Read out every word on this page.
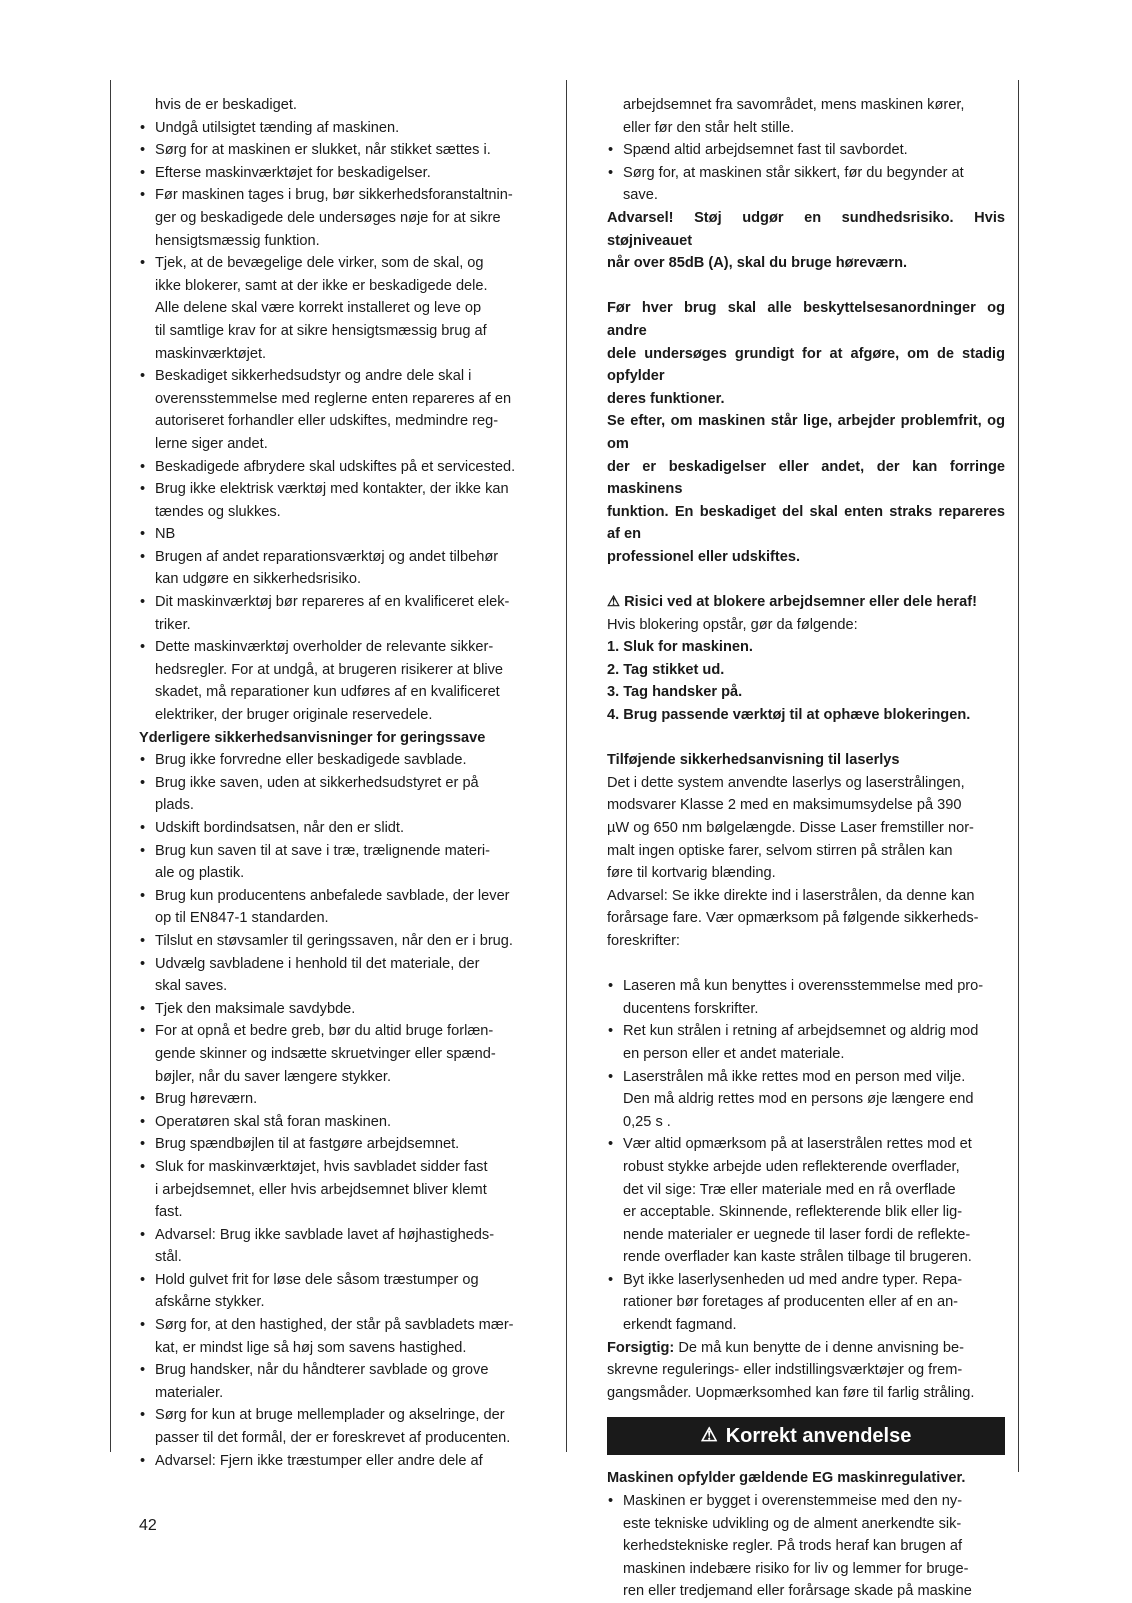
hvis de er beskadiget.
• Undgå utilsigtet tænding af maskinen.
• Sørg for at maskinen er slukket, når stikket sættes i.
• Efterse maskinværktøjet for beskadigelser.
• Før maskinen tages i brug, bør sikkerhedsforanstaltnin-
ger og beskadigede dele undersøges nøje for at sikre
hensigtsmæssig funktion.
• Tjek, at de bevægelige dele virker, som de skal, og
ikke blokerer, samt at der ikke er beskadigede dele.
Alle delene skal være korrekt installeret og leve op
til samtlige krav for at sikre hensigtsmæssig brug af
maskinværktøjet.
• Beskadiget sikkerhedsudstyr og andre dele skal i
overensstemmelse med reglerne enten repareres af en
autoriseret forhandler eller udskiftes, medmindre reg-
lerne siger andet.
• Beskadigede afbrydere skal udskiftes på et servicested.
• Brug ikke elektrisk værktøj med kontakter, der ikke kan
tændes og slukkes.
• NB
• Brugen af andet reparationsværktøj og andet tilbehør
kan udgøre en sikkerhedsrisiko.
• Dit maskinværktøj bør repareres af en kvalificeret elek-
triker.
• Dette maskinværktøj overholder de relevante sikker-
hedsregler. For at undgå, at brugeren risikerer at blive
skadet, må reparationer kun udføres af en kvalificeret
elektriker, der bruger originale reservedele.
Yderligere sikkerhedsanvisninger for geringssave
• Brug ikke forvredne eller beskadigede savblade.
• Brug ikke saven, uden at sikkerhedsudstyret er på
plads.
• Udskift bordindsatsen, når den er slidt.
• Brug kun saven til at save i træ, trælignende materi-
ale og plastik.
• Brug kun producentens anbefalede savblade, der lever
op til EN847-1 standarden.
• Tilslut en støvsamler til geringssaven, når den er i brug.
• Udvælg savbladene i henhold til det materiale, der
skal saves.
• Tjek den maksimale savdybde.
• For at opnå et bedre greb, bør du altid bruge forlæn-
gende skinner og indsætte skruetvinger eller spænd-
bøjler, når du saver længere stykker.
• Brug høreværn.
• Operatøren skal stå foran maskinen.
• Brug spændbøjlen til at fastgøre arbejdsemnet.
• Sluk for maskinværktøjet, hvis savbladet sidder fast
i arbejdsemnet, eller hvis arbejdsemnet bliver klemt
fast.
• Advarsel: Brug ikke savblade lavet af højhastigheds-
stål.
• Hold gulvet frit for løse dele såsom træstumper og
afskårne stykker.
• Sørg for, at den hastighed, der står på savbladets mær-
kat, er mindst lige så høj som savens hastighed.
• Brug handsker, når du håndterer savblade og grove
materialer.
• Sørg for kun at bruge mellemplader og akselringe, der
passer til det formål, der er foreskrevet af producenten.
• Advarsel: Fjern ikke træstumper eller andre dele af
arbejdsemnet fra savområdet, mens maskinen kører,
eller før den står helt stille.
• Spænd altid arbejdsemnet fast til savbordet.
• Sørg for, at maskinen står sikkert, før du begynder at
save.
Advarsel! Støj udgør en sundhedsrisiko. Hvis støjniveauet
når over 85dB (A), skal du bruge høreværn.
Før hver brug skal alle beskyttelsesanordninger og andre
dele undersøges grundigt for at afgøre, om de stadig opfylder
deres funktioner.
Se efter, om maskinen står lige, arbejder problemfrit, og om
der er beskadigelser eller andet, der kan forringe maskinens
funktion. En beskadiget del skal enten straks repareres af en
professionel eller udskiftes.
⚠ Risici ved at blokere arbejdsemner eller dele heraf!
Hvis blokering opstår, gør da følgende:
1. Sluk for maskinen.
2. Tag stikket ud.
3. Tag handsker på.
4. Brug passende værktøj til at ophæve blokeringen.
Tilføjende sikkerhedsanvisning til laserlys
Det i dette system anvendte laserlys og laserstrålingen,
modsvarer Klasse 2 med en maksimumsydelse på 390
µW og 650 nm bølgelængde. Disse Laser fremstiller nor-
malt ingen optiske farer, selvom stirren på strålen kan
føre til kortvarig blænding.
Advarsel: Se ikke direkte ind i laserstrålen, da denne kan
forårsage fare. Vær opmærksom på følgende sikkerheds-
foreskrifter:
• Laseren må kun benyttes i overensstemmelse med pro-
ducentens forskrifter.
• Ret kun strålen i retning af arbejdsemnet og aldrig mod
en person eller et andet materiale.
• Laserstrålen må ikke rettes mod en person med vilje.
Den må aldrig rettes mod en persons øje længere end
0,25 s .
• Vær altid opmærksom på at laserstrålen rettes mod et
robust stykke arbejde uden reflekterende overflader,
det vil sige: Træ eller materiale med en rå overflade
er acceptable. Skinnende, reflekterende blik eller lig-
nende materialer er uegnede til laser fordi de reflekte-
rende overflader kan kaste strålen tilbage til brugeren.
• Byt ikke laserlysenheden ud med andre typer. Repa-
rationer bør foretages af producenten eller af en an-
erkendt fagmand.
Forsigtig: De må kun benytte de i denne anvisning be-
skrevne regulerings- eller indstillingsværktøjer og frem-
gangsmåder. Uopmærksomhed kan føre til farlig stråling.
⚠ Korrekt anvendelse
Maskinen opfylder gældende EG maskinregulativer.
• Maskinen er bygget i overenstemmeise med den ny-
este tekniske udvikling og de alment anerkendte sik-
kerhedstekniske regler. På trods heraf kan brugen af
maskinen indebære risiko for liv og lemmer for bruge-
ren eller tredjemand eller forårsage skade på maskine
42
